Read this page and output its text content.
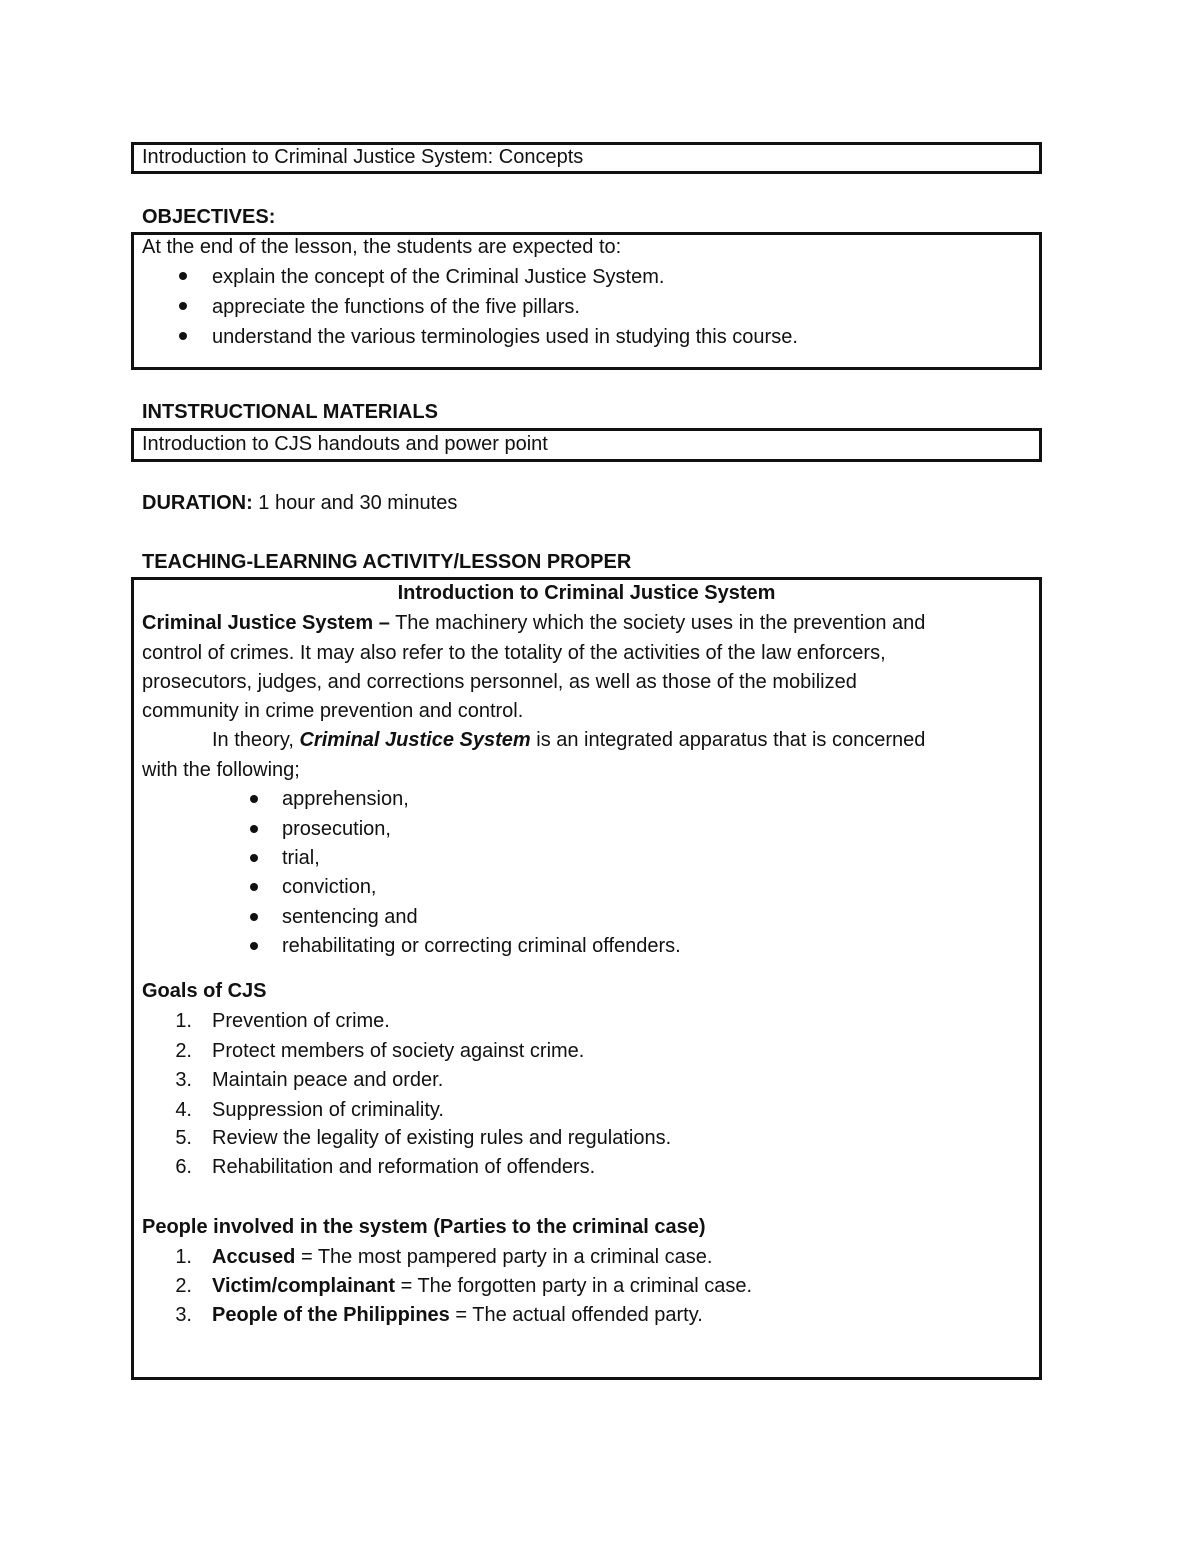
Introduction to Criminal Justice System: Concepts
OBJECTIVES:
At the end of the lesson, the students are expected to:
explain the concept of the Criminal Justice System.
appreciate the functions of the five pillars.
understand the various terminologies used in studying this course.
INTSTRUCTIONAL MATERIALS
Introduction to CJS handouts and power point
DURATION: 1 hour and 30 minutes
TEACHING-LEARNING ACTIVITY/LESSON PROPER
Introduction to Criminal Justice System
Criminal Justice System – The machinery which the society uses in the prevention and
control of crimes. It may also refer to the totality of the activities of the law enforcers,
prosecutors, judges, and corrections personnel, as well as those of the mobilized
community in crime prevention and control.
In theory, Criminal Justice System is an integrated apparatus that is concerned
with the following;
apprehension,
prosecution,
trial,
conviction,
sentencing and
rehabilitating or correcting criminal offenders.
Goals of CJS
1. Prevention of crime.
2. Protect members of society against crime.
3. Maintain peace and order.
4. Suppression of criminality.
5. Review the legality of existing rules and regulations.
6. Rehabilitation and reformation of offenders.
People involved in the system (Parties to the criminal case)
1. Accused = The most pampered party in a criminal case.
2. Victim/complainant = The forgotten party in a criminal case.
3. People of the Philippines = The actual offended party.
